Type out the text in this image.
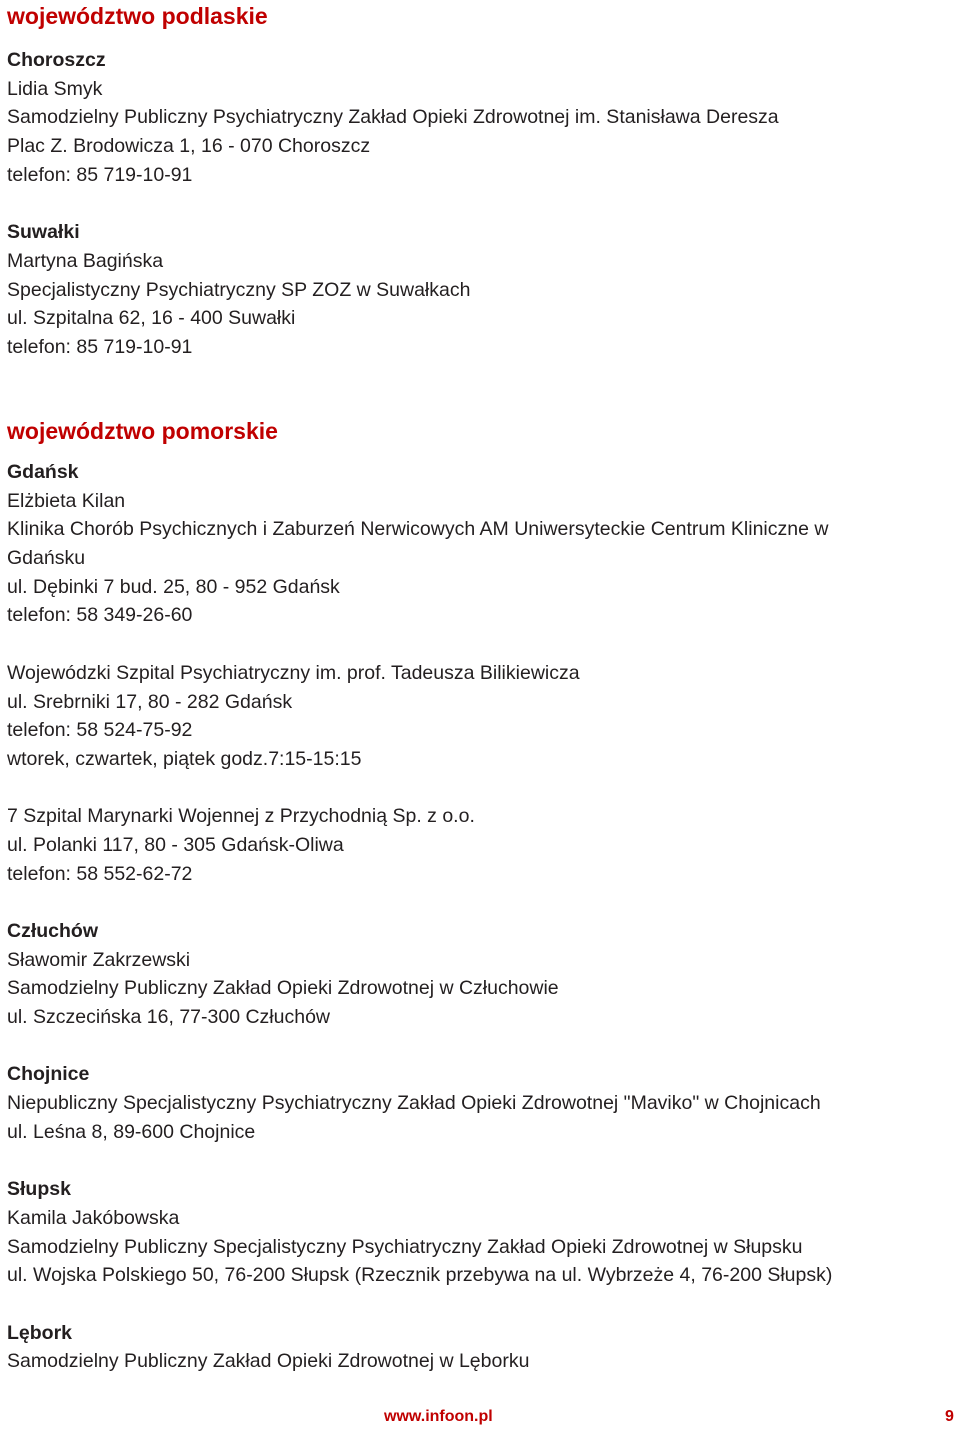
województwo podlaskie
Choroszcz
Lidia Smyk
Samodzielny Publiczny Psychiatryczny Zakład Opieki Zdrowotnej im. Stanisława Deresza
Plac Z. Brodowicza 1, 16 - 070 Choroszcz
telefon: 85 719-10-91
Suwałki
Martyna Bagińska
Specjalistyczny Psychiatryczny SP ZOZ w Suwałkach
ul. Szpitalna 62, 16 - 400 Suwałki
telefon: 85 719-10-91
województwo pomorskie
Gdańsk
Elżbieta Kilan
Klinika Chorób Psychicznych i Zaburzeń Nerwicowych AM Uniwersyteckie Centrum Kliniczne w
Gdańsku
ul. Dębinki 7 bud. 25, 80 - 952 Gdańsk
telefon: 58 349-26-60
Wojewódzki Szpital Psychiatryczny im. prof. Tadeusza Bilikiewicza
ul. Srebrniki 17, 80 - 282 Gdańsk
telefon: 58 524-75-92
wtorek, czwartek, piątek godz.7:15-15:15
7 Szpital Marynarki Wojennej z Przychodnią Sp. z o.o.
ul. Polanki 117, 80 - 305 Gdańsk-Oliwa
telefon: 58 552-62-72
Człuchów
Sławomir Zakrzewski
Samodzielny Publiczny Zakład Opieki Zdrowotnej w Człuchowie
ul. Szczecińska 16, 77-300 Człuchów
Chojnice
Niepubliczny Specjalistyczny Psychiatryczny Zakład Opieki Zdrowotnej "Maviko" w Chojnicach
ul. Leśna 8, 89-600 Chojnice
Słupsk
Kamila Jakóbowska
Samodzielny Publiczny Specjalistyczny Psychiatryczny Zakład Opieki Zdrowotnej w Słupsku
ul. Wojska Polskiego 50, 76-200 Słupsk (Rzecznik przebywa na ul. Wybrzeże 4, 76-200 Słupsk)
Lębork
Samodzielny Publiczny Zakład Opieki Zdrowotnej w Lęborku
www.infoon.pl	9
